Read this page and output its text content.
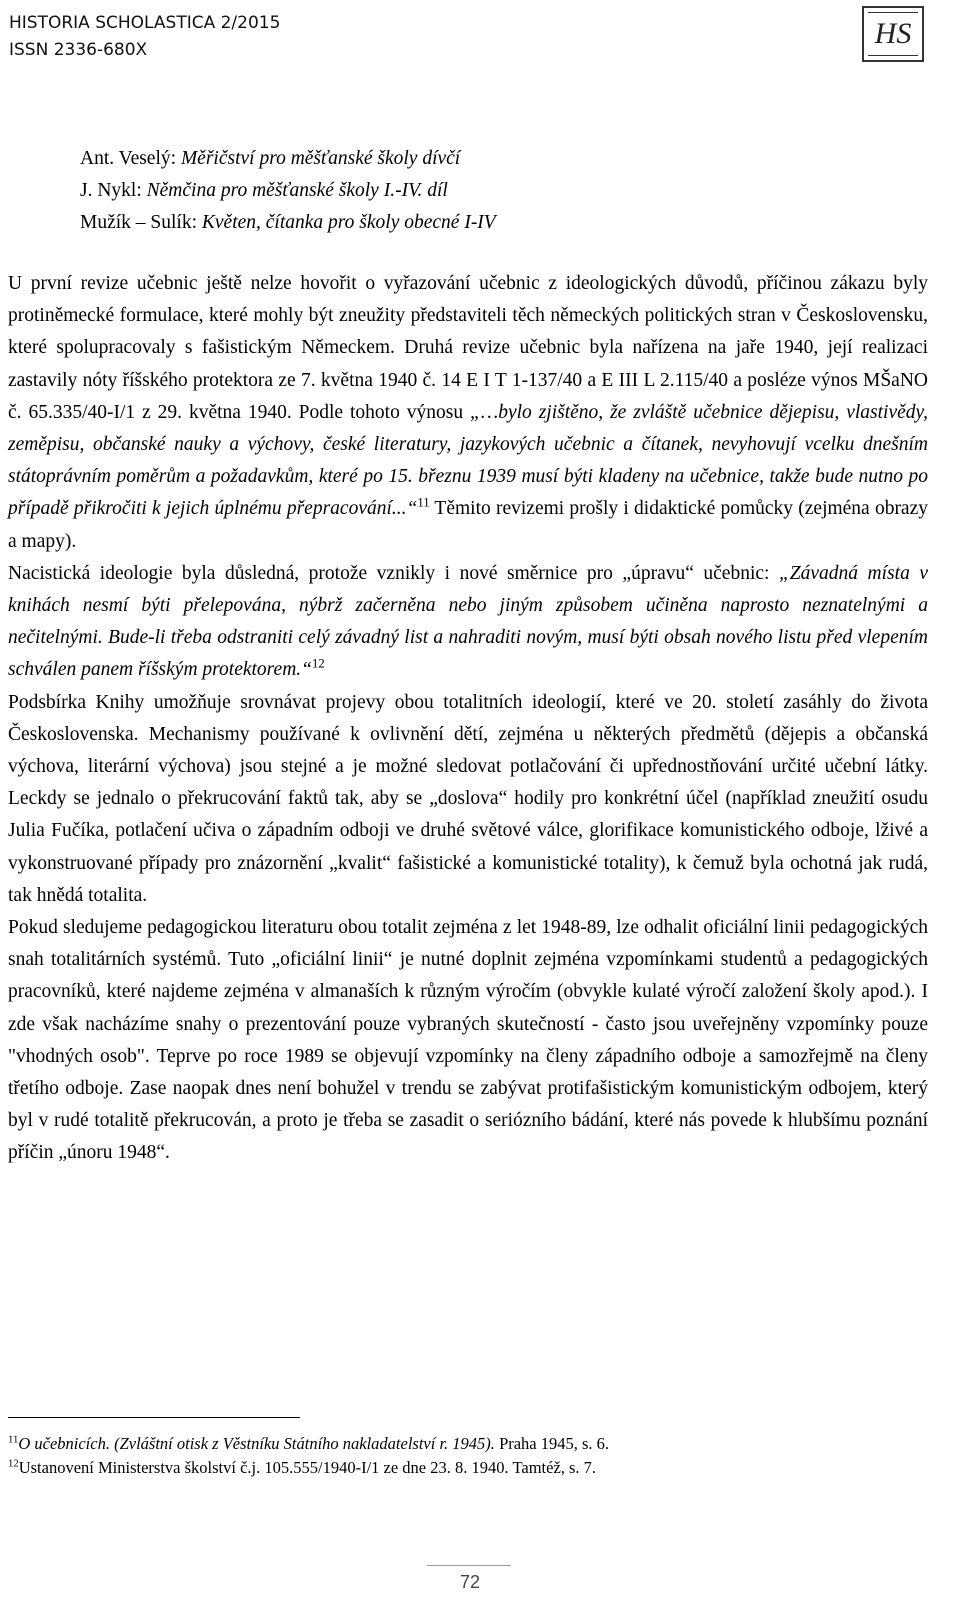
HISTORIA SCHOLASTICA 2/2015
ISSN 2336-680X	HS
Ant. Veselý: Měřičství pro měšťanské školy dívčí
J. Nykl: Němčina pro měšťanské školy I.-IV. díl
Mužík – Sulík: Květen, čítanka pro školy obecné I-IV

U první revize učebnic ještě nelze hovořit o vyřazování učebnic z ideologických důvodů, příčinou zákazu byly protiněmecké formulace, které mohly být zneužity představiteli těch německých politických stran v Československu, které spolupracovaly s fašistickým Německem. Druhá revize učebnic byla nařízena na jaře 1940, její realizaci zastavily nóty říšského protektora ze 7. května 1940 č. 14 E I T 1-137/40 a E III L 2.115/40 a posléze výnos MŠaNO č. 65.335/40-I/1 z 29. května 1940. Podle tohoto výnosu „…bylo zjištěno, že zvláště učebnice dějepisu, vlastivědy, zeměpisu, občanské nauky a výchovy, české literatury, jazykových učebnic a čítanek, nevyhovují vcelku dnešním státoprávním poměrům a požadavkům, které po 15. březnu 1939 musí býti kladeny na učebnice, takže bude nutno po případě přikročiti k jejich úplnému přepracování...“$^{11}$ Těmito revizemi prošly i didaktické pomůcky (zejména obrazy a mapy).

Nacistická ideologie byla důsledná, protože vznikly i nové směrnice pro „úpravu“ učebnic: „Závadná místa v knihách nesmí býti přelepována, nýbrž začerněna nebo jiným způsobem učiněna naprosto neznatelnými a nečitelnými. Bude-li třeba odstraniti celý závadný list a nahraditi novým, musí býti obsah nového listu před vlepením schválen panem říšským protektorem.“$^{12}$

Podsbírka Knihy umožňuje srovnávat projevy obou totalitních ideologií, které ve 20. století zasáhly do života Československa. Mechanismy používané k ovlivnění dětí, zejména u některých předmětů (dějepis a občanská výchova, literární výchova) jsou stejné a je možné sledovat potlačování či upřednostňování určité učební látky. Leckdy se jednalo o překrucování faktů tak, aby se „doslova“ hodily pro konkrétní účel (například zneužití osudu Julia Fučíka, potlačení učiva o západním odboji ve druhé světové válce, glorifikace komunistického odboje, lživé a vykonstruované případy pro znázornění „kvalit“ fašistické a komunistické totality), k čemuž byla ochotná jak rudá, tak hnědá totalita.

Pokud sledujeme pedagogickou literaturu obou totalit zejména z let 1948-89, lze odhalit oficiální linii pedagogických snah totalitárních systémů. Tuto „oficiální linii“ je nutné doplnit zejména vzpomínkami studentů a pedagogických pracovníků, které najdeme zejména v almanaších k různým výročím (obvykle kulaté výročí založení školy apod.). I zde však nacházíme snahy o prezentování pouze vybraných skutečností - často jsou uveřejněny vzpomínky pouze "vhodných osob". Teprve po roce 1989 se objevují vzpomínky na členy západního odboje a samozřejmě na členy třetího odboje. Zase naopak dnes není bohužel v trendu se zabývat protifašistickým komunistickým odbojem, který byl v rudé totalitě překrucován, a proto je třeba se zasadit o seriózního bádání, které nás povede k hlubšímu poznání příčin „únoru 1948“.

$^{11}$O učebnicích. (Zvláštní otisk z Věstníku Státního nakladatelství r. 1945). Praha 1945, s. 6.
$^{12}$Ustanovení Ministerstva školství č.j. 105.555/1940-I/1 ze dne 23. 8. 1940. Tamtéž, s. 7.
72
